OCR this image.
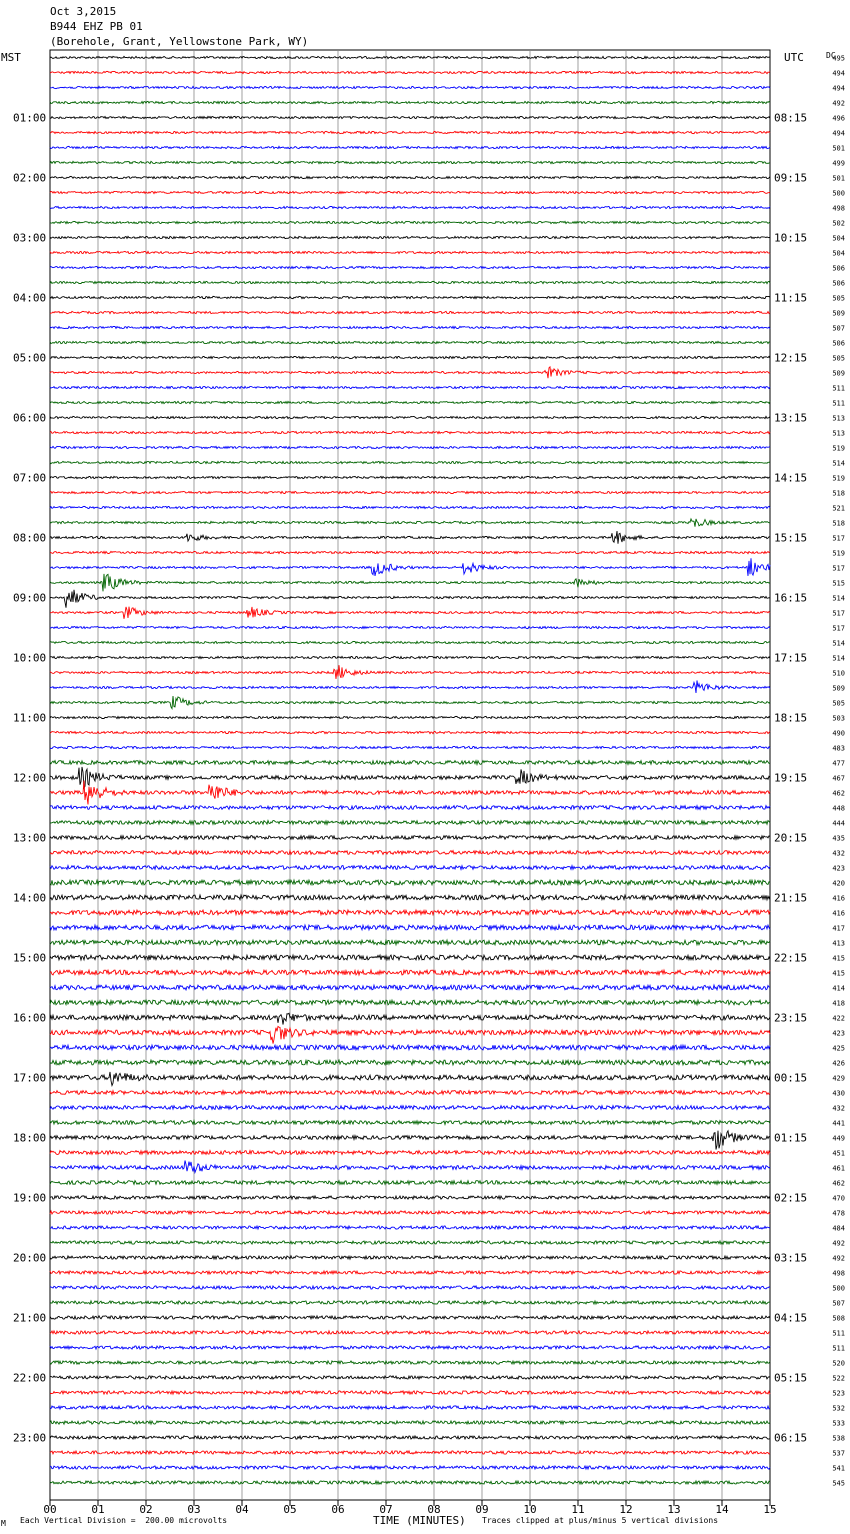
Oct 3,2015
B944 EHZ PB 01
(Borehole, Grant, Yellowstone Park, WY)
MST	UTC	DC
00	01	02	03	04	05	06	07	08	09	10	11	12	13	14	15
495
494
494
492
496
494
501
499
501
500
498
502
504
504
506
506
505
509
507
506
505
509
511
511
513
513
519
514
519
518
521
518
517
519
517
515
514
517
517
514
514
510
509
505
503
490
483
477
467
462
448
444
435
432
423
420
416
416
417
413
415
415
414
418
422
423
425
426
429
430
432
441
449
451
461
462
470
478
484
492
492
498
500
507
508
511
511
520
522
523
532
533
538
537
541
545
01:00
02:00
03:00
04:00
05:00
06:00
07:00
08:00
09:00
10:00
11:00
12:00
13:00
14:00
15:00
16:00
17:00
18:00
19:00
20:00
21:00
22:00
23:00
08:15
09:15
10:15
11:15
12:15
13:15
14:15
15:15
16:15
17:15
18:15
19:15
20:15
21:15
22:15
23:15
00:15
01:15
02:15
03:15
04:15
05:15
06:15
M Each Vertical Division =  200.00 microvolts	TIME (MINUTES) Traces clipped at plus/minus 5 vertical divisions
